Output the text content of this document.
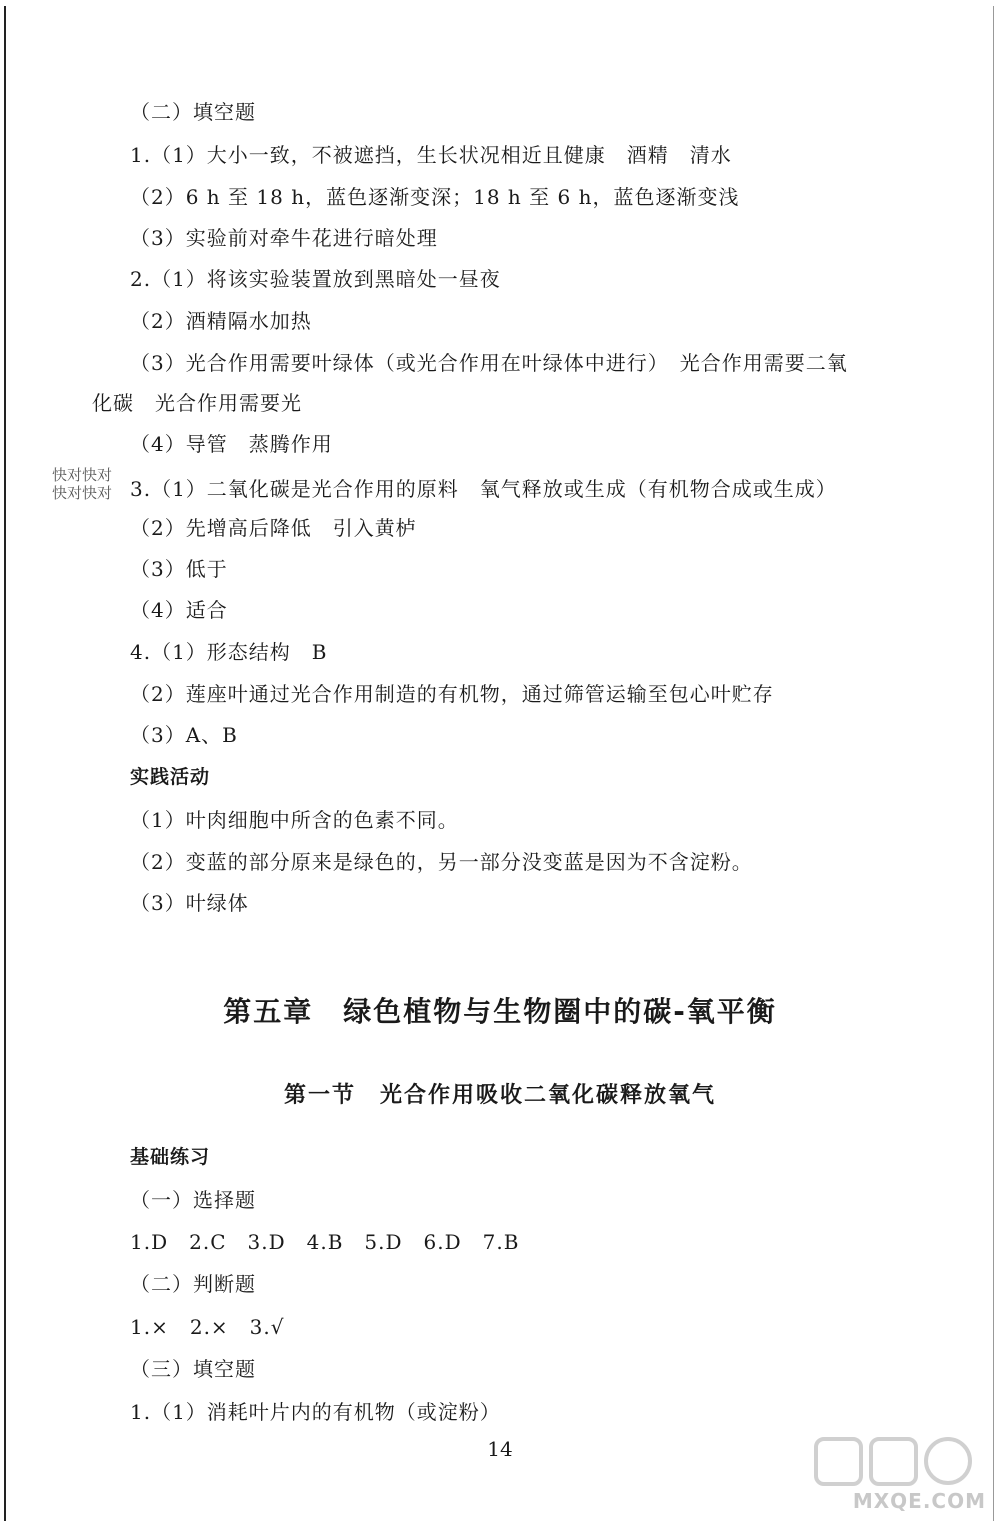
（二）填空题
1.（1）大小一致，不被遮挡，生长状况相近且健康　酒精　清水
（2）6 h 至 18 h，蓝色逐渐变深；18 h 至 6 h，蓝色逐渐变浅
（3）实验前对牵牛花进行暗处理
2.（1）将该实验装置放到黑暗处一昼夜
（2）酒精隔水加热
（3）光合作用需要叶绿体（或光合作用在叶绿体中进行）　光合作用需要二氧
化碳　光合作用需要光
（4）导管　蒸腾作用
3.（1）二氧化碳是光合作用的原料　氧气释放或生成（有机物合成或生成）
（2）先增高后降低　引入黄栌
（3）低于
（4）适合
4.（1）形态结构　B
（2）莲座叶通过光合作用制造的有机物，通过筛管运输至包心叶贮存
（3）A、B
实践活动
（1）叶肉细胞中所含的色素不同。
（2）变蓝的部分原来是绿色的，另一部分没变蓝是因为不含淀粉。
（3）叶绿体
第五章　绿色植物与生物圈中的碳-氧平衡
第一节　光合作用吸收二氧化碳释放氧气
基础练习
（一）选择题
1.D　2.C　3.D　4.B　5.D　6.D　7.B
（二）判断题
1.×　2.×　3.√
（三）填空题
1.（1）消耗叶片内的有机物（或淀粉）
14
快对快对
快对快对
MXQE.COM
